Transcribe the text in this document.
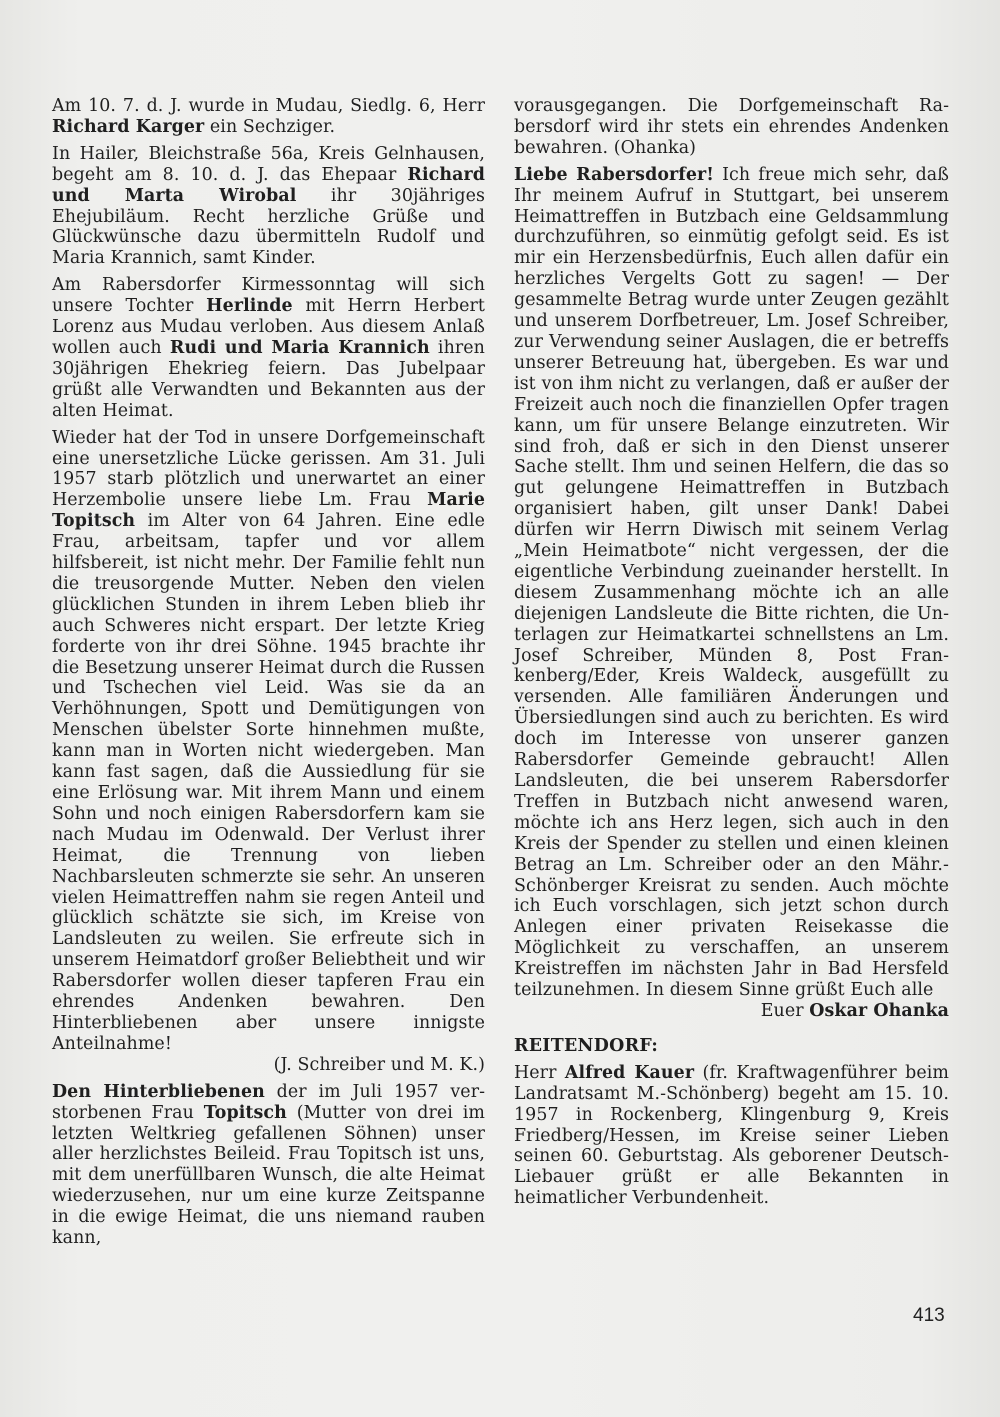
Am 10. 7. d. J. wurde in Mudau, Siedlg. 6, Herr Richard Karger ein Sechziger.

In Hailer, Bleichstraße 56a, Kreis Gelnhausen, begeht am 8. 10. d. J. das Ehepaar Richard und Marta Wirobal ihr 30jähriges Ehejubiläum. Recht herzliche Grüße und Glückwünsche dazu übermitteln Rudolf und Maria Krannich, samt Kinder.

Am Rabersdorfer Kirmessonntag will sich unsere Tochter Herlinde mit Herrn Herbert Lorenz aus Mudau verloben. Aus diesem Anlaß wollen auch Rudi und Maria Krannich ihren 30jährigen Ehekrieg feiern. Das Jubelpaar grüßt alle Verwandten und Bekannten aus der alten Heimat.

Wieder hat der Tod in unsere Dorfgemeinschaft eine unersetzliche Lücke gerissen. Am 31. Juli 1957 starb plötzlich und unerwartet an einer Herzembolie unsere liebe Lm. Frau Marie Topitsch im Alter von 64 Jahren. Eine edle Frau, arbeitsam, tapfer und vor allem hilfsbereit, ist nicht mehr. Der Familie fehlt nun die treusorgende Mutter. Neben den vielen glücklichen Stunden in ihrem Leben blieb ihr auch Schweres nicht erspart. Der letzte Krieg forderte von ihr drei Söhne. 1945 brachte ihr die Besetzung unserer Heimat durch die Russen und Tschechen viel Leid. Was sie da an Verhöhnungen, Spott und Demütigungen von Menschen übelster Sorte hinnehmen mußte, kann man in Worten nicht wiedergeben. Man kann fast sagen, daß die Aussiedlung für sie eine Erlösung war. Mit ihrem Mann und einem Sohn und noch einigen Rabersdorfern kam sie nach Mudau im Odenwald. Der Verlust ihrer Heimat, die Trennung von lieben Nachbarsleuten schmerzte sie sehr. An unseren vielen Heimattreffen nahm sie regen Anteil und glücklich schätzte sie sich, im Kreise von Landsleuten zu weilen. Sie erfreute sich in unserem Heimatdorf großer Beliebtheit und wir Rabersdorfer wollen dieser tapferen Frau ein ehrendes Andenken bewahren. Den Hinterbliebenen aber unsere innigste Anteilnahme!
(J. Schreiber und M. K.)

Den Hinterbliebenen der im Juli 1957 verstorbenen Frau Topitsch (Mutter von drei im letzten Weltkrieg gefallenen Söhnen) unser aller herzlichstes Beileid. Frau Topitsch ist uns, mit dem unerfüllbaren Wunsch, die alte Heimat wiederzusehen, nur um eine kurze Zeitspanne in die ewige Heimat, die uns niemand rauben kann,

vorausgegangen. Die Dorfgemeinschaft Rabersdorf wird ihr stets ein ehrendes Andenken bewahren. (Ohanka)

Liebe Rabersdorfer! Ich freue mich sehr, daß Ihr meinem Aufruf in Stuttgart, bei unserem Heimattreffen in Butzbach eine Geldsammlung durchzuführen, so einmütig gefolgt seid. Es ist mir ein Herzensbedürfnis, Euch allen dafür ein herzliches Vergelts Gott zu sagen! — Der gesammelte Betrag wurde unter Zeugen gezählt und unserem Dorfbetreuer, Lm. Josef Schreiber, zur Verwendung seiner Auslagen, die er betreffs unserer Betreuung hat, übergeben. Es war und ist von ihm nicht zu verlangen, daß er außer der Freizeit auch noch die finanziellen Opfer tragen kann, um für unsere Belange einzutreten. Wir sind froh, daß er sich in den Dienst unserer Sache stellt. Ihm und seinen Helfern, die das so gut gelungene Heimattreffen in Butzbach organisiert haben, gilt unser Dank! Dabei dürfen wir Herrn Diwisch mit seinem Verlag „Mein Heimatbote“ nicht vergessen, der die eigentliche Verbindung zueinander herstellt. In diesem Zusammenhang möchte ich an alle diejenigen Landsleute die Bitte richten, die Unterlagen zur Heimatkartei schnellstens an Lm. Josef Schreiber, Münden 8, Post Frankenberg/Eder, Kreis Waldeck, ausgefüllt zu versenden. Alle familiären Änderungen und Übersiedlungen sind auch zu berichten. Es wird doch im Interesse von unserer ganzen Rabersdorfer Gemeinde gebraucht! Allen Landsleuten, die bei unserem Rabersdorfer Treffen in Butzbach nicht anwesend waren, möchte ich ans Herz legen, sich auch in den Kreis der Spender zu stellen und einen kleinen Betrag an Lm. Schreiber oder an den Mähr.-Schönberger Kreisrat zu senden. Auch möchte ich Euch vorschlagen, sich jetzt schon durch Anlegen einer privaten Reisekasse die Möglichkeit zu verschaffen, an unserem Kreistreffen im nächsten Jahr in Bad Hersfeld teilzunehmen. In diesem Sinne grüßt Euch alle
Euer Oskar Ohanka

REITENDORF:

Herr Alfred Kauer (fr. Kraftwagenführer beim Landratsamt M.-Schönberg) begeht am 15. 10. 1957 in Rockenberg, Klingenburg 9, Kreis Friedberg/Hessen, im Kreise seiner Lieben seinen 60. Geburtstag. Als geborener Deutsch-Liebauer grüßt er alle Bekannten in heimatlicher Verbundenheit.

413
